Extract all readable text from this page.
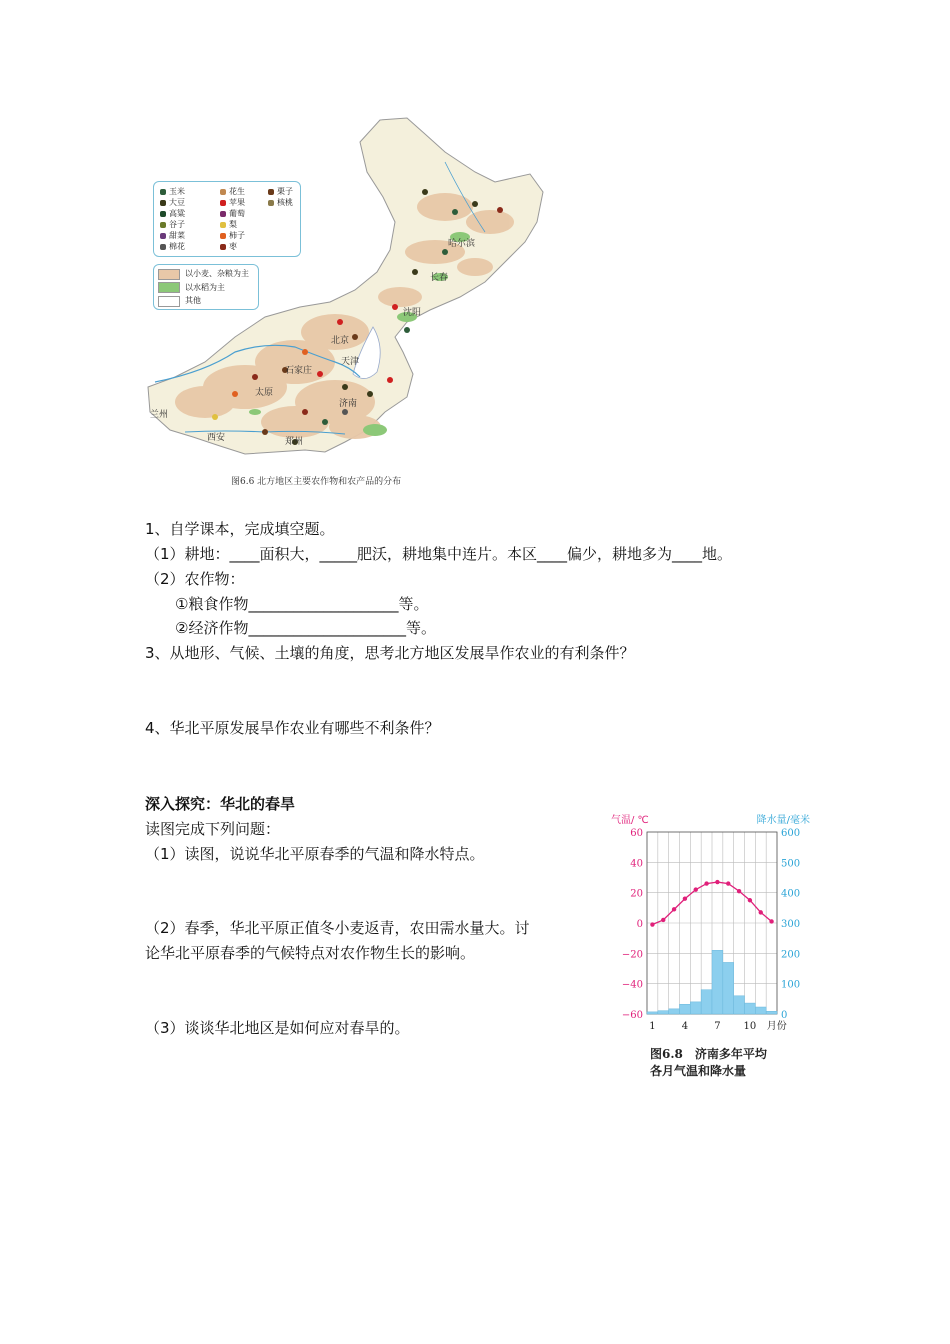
哈尔滨
长春
沈阳
北京
天津
石家庄
太原
济南
郑州
西安
兰州
玉米
大豆
高粱
谷子
甜菜
棉花
花生
苹果
葡萄
梨
柿子
枣
栗子
核桃
以小麦、杂粮为主
以水稻为主
其他
图6.6 北方地区主要农作物和农产品的分布
1、自学课本，完成填空题。
（1）耕地：____面积大，_____肥沃，耕地集中连片。本区____偏少，耕地多为____地。
（2）农作物：
①粮食作物____________________等。
②经济作物_____________________等。
3、从地形、气候、土壤的角度，思考北方地区发展旱作农业的有利条件？
4、华北平原发展旱作农业有哪些不利条件？
深入探究：华北的春旱
读图完成下列问题：
（1）读图，说说华北平原春季的气温和降水特点。
（2）春季，华北平原正值冬小麦返青，农田需水量大。讨
论华北平原春季的气候特点对农作物生长的影响。
（3）谈谈华北地区是如何应对春旱的。
60
40
20
0
−20
−40
−60
600
500
400
300
200
100
0
气温/ ℃	降水量/毫米
1	4	7 10 月份
图6.8　济南多年平均
各月气温和降水量
